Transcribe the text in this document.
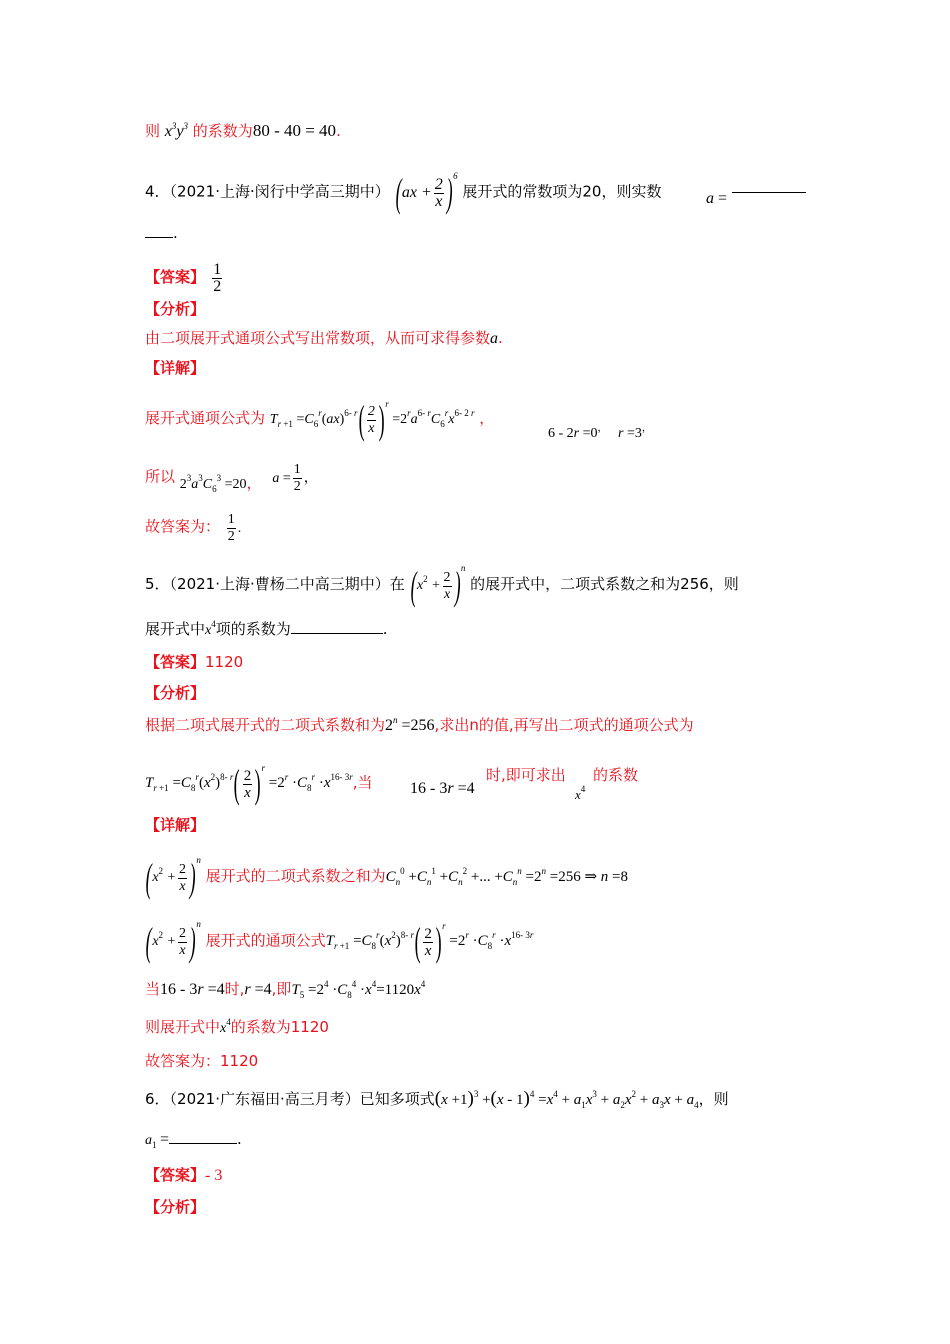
则 $x^3y^3$ 的系数为80 - 40 = 40.
4．（2021·上海·闵行中学高三期中） $(ax + \frac{2}{x} )^6$ 展开式的常数项为20，则实数	a =
.
【答案】 $\frac{1}{2}$
【分析】
由二项展开式通项公式写出常数项，从而可求得参数a.
【详解】
展开式通项公式为 $T_{r +1} =C_6^r(ax)^{6- r}( \frac{2}{x} )^r =2^ra^{6- r}C_6^rx^{6- 2 r}$ ，
6 - 2r =0， r =3，
所以 $2^3a^3C_6^3 =20$， $a = \frac{1}{2}$ ，
故答案为： $\frac{1}{2}$ .
5．（2021·上海·曹杨二中高三期中）在 $(x^2 + \frac{2}{x} )^n$ 的展开式中，二项式系数之和为256，则
展开式中$x^4$项的系数为	.
【答案】1120
【分析】
根据二项式展开式的二项式系数和为$2^n =256$,求出n的值,再写出二项式的通项公式为
$T_{r +1} =C_8^r(x^2)^{8- r}( \frac{2}{x} )^r =2^r \cdot C_8^r \cdot x^{16- 3r}$,当 16 - 3r =4
时,即可求出
$x^4$
的系数
【详解】
$(x^2 + \frac{2}{x} )^n$ 展开式的二项式系数之和为$C_n^0 +C_n^1 +C_n^2$ +... $+C_n^n =2^n =256$ ⇒ n =8
$(x^2 + \frac{2}{x} )^n$ 展开式的通项公式$T_{r +1} =C_8^r(x^2)^{8- r}( \frac{2}{x} )^r =2^r \cdot C_8^r \cdot x^{16- 3r}$
当16 - 3r =4时,r =4,即$T_5 =2^4 \cdot C_8^4 \cdot x^4=1120x^4$
则展开式中$x^4$的系数为1120
故答案为：1120
6．（2021·广东福田·高三月考）已知多项式$(x +1)^3 +(x - 1)^4 =x^4 + a_1x^3 + a_2x^2 + a_3x + a_4$，则
$a_1$ =	.
【答案】- 3
【分析】
